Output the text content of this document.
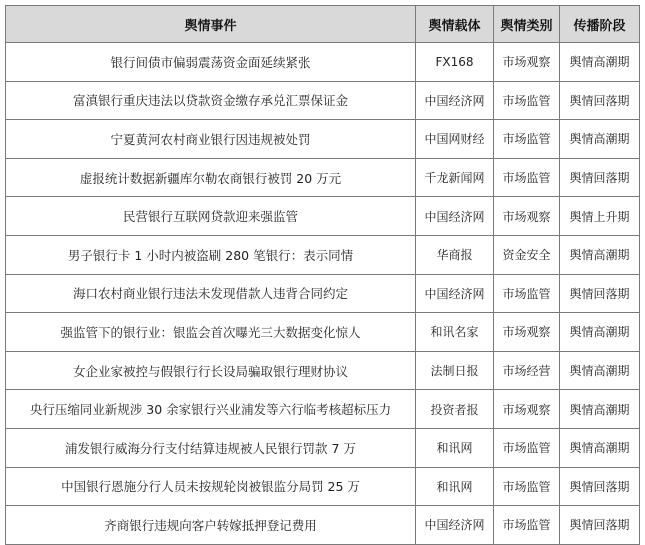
舆情事件	舆情载体	舆情类别	传播阶段
银行间债市偏弱震荡资金面延续紧张	FX168	市场观察	舆情高潮期
富滇银行重庆违法以贷款资金缴存承兑汇票保证金	中国经济网	市场监管	舆情回落期
宁夏黄河农村商业银行因违规被处罚	中国网财经	市场监管	舆情高潮期
虚报统计数据新疆库尔勒农商银行被罚 20 万元	千龙新闻网	市场监管	舆情回落期
民营银行互联网贷款迎来强监管	中国经济网	市场观察	舆情上升期
男子银行卡 1 小时内被盗刷 280 笔银行：表示同情	华商报	资金安全	舆情高潮期
海口农村商业银行违法未发现借款人违背合同约定	中国经济网	市场监管	舆情回落期
强监管下的银行业：银监会首次曝光三大数据变化惊人	和讯名家	市场观察	舆情高潮期
女企业家被控与假银行行长设局骗取银行理财协议	法制日报	市场经营	舆情高潮期
央行压缩同业新规涉 30 余家银行兴业浦发等六行临考核超标压力	投资者报	市场观察	舆情高潮期
浦发银行威海分行支付结算违规被人民银行罚款 7 万	和讯网	市场监管	舆情高潮期
中国银行恩施分行人员未按规轮岗被银监分局罚 25 万	和讯网	市场监管	舆情回落期
齐商银行违规向客户转嫁抵押登记费用	中国经济网	市场监管	舆情回落期
